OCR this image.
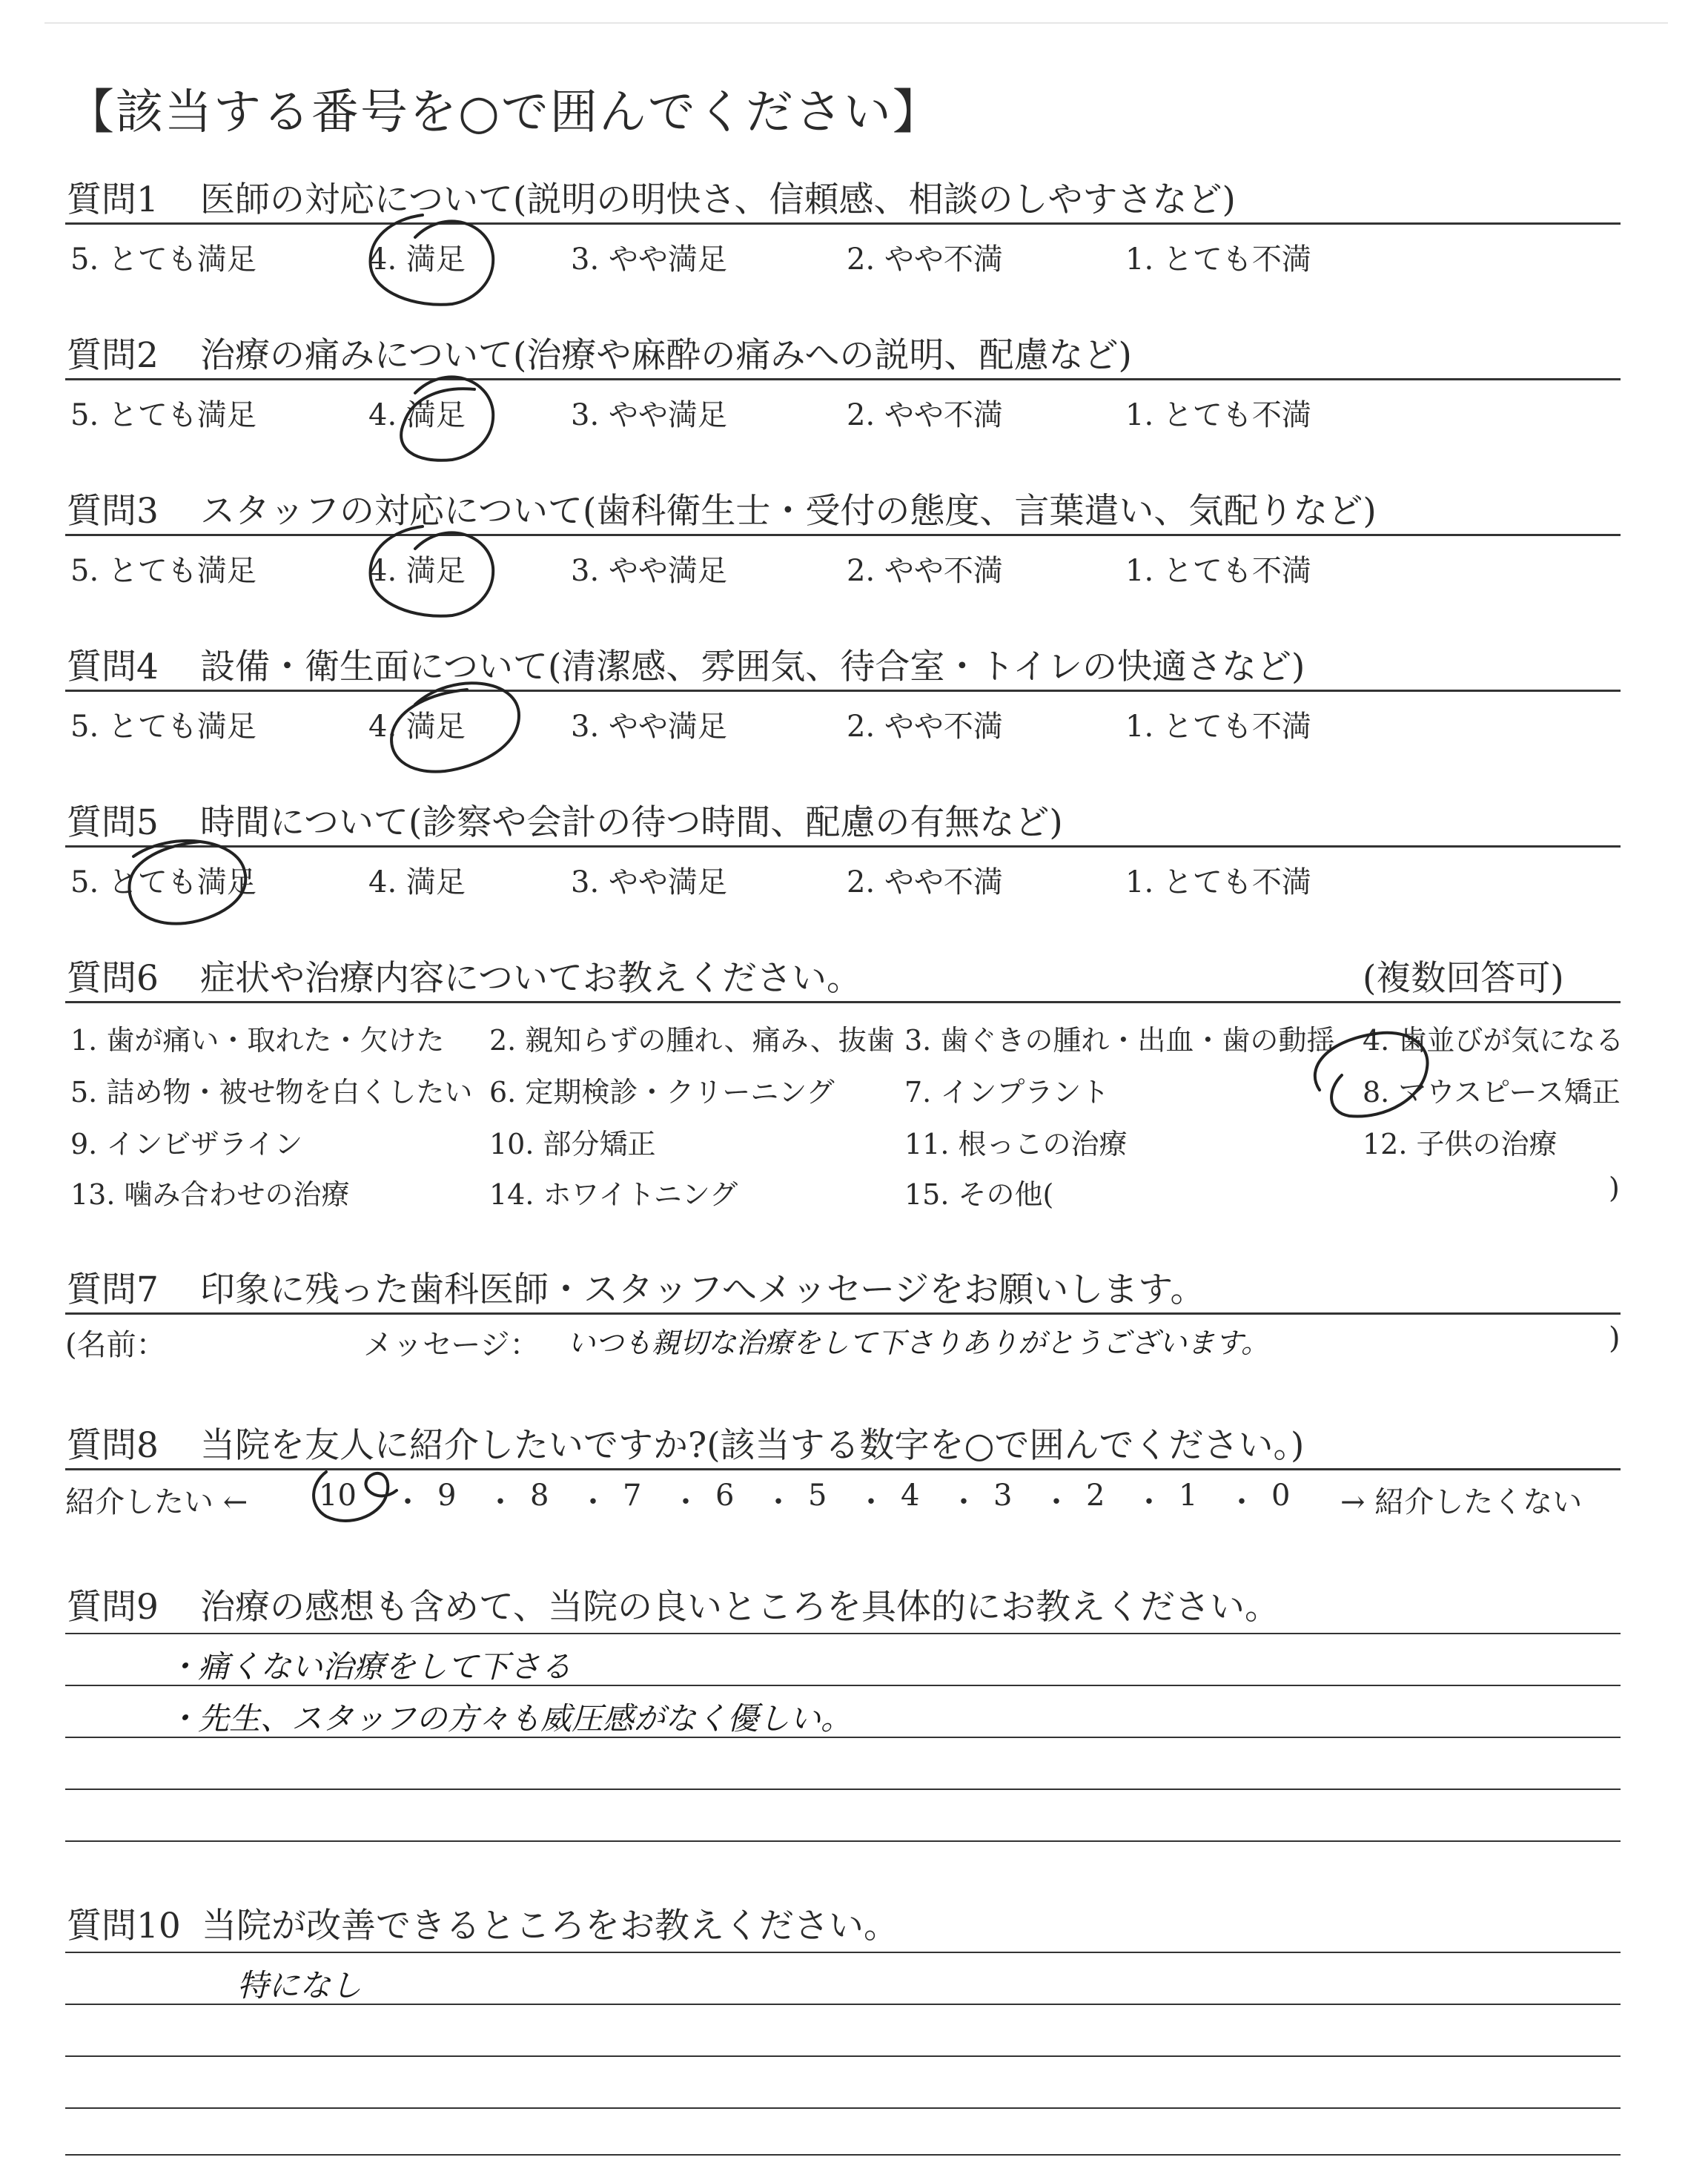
【該当する番号を○で囲んでください】
質問1 医師の対応について(説明の明快さ、信頼感、相談のしやすさなど)
5. とても満足	4. 満足	3. やや満足	2. やや不満	1. とても不満
質問2 治療の痛みについて(治療や麻酔の痛みへの説明、配慮など)
5. とても満足	4. 満足	3. やや満足	2. やや不満	1. とても不満
質問3 スタッフの対応について(歯科衛生士・受付の態度、言葉遣い、気配りなど)
5. とても満足	4. 満足	3. やや満足	2. やや不満	1. とても不満
質問4 設備・衛生面について(清潔感、雰囲気、待合室・トイレの快適さなど)
5. とても満足	4. 満足	3. やや満足	2. やや不満	1. とても不満
質問5 時間について(診察や会計の待つ時間、配慮の有無など)
5. とても満足	4. 満足	3. やや満足	2. やや不満	1. とても不満
質問6 症状や治療内容についてお教えください。	(複数回答可)
1. 歯が痛い・取れた・欠けた 2. 親知らずの腫れ、痛み、抜歯 3. 歯ぐきの腫れ・出血・歯の動揺 4. 歯並びが気になる
5. 詰め物・被せ物を白くしたい 6. 定期検診・クリーニング 7. インプラント	8. マウスピース矯正
9. インビザライン	10. 部分矯正	11. 根っこの治療	12. 子供の治療
13. 噛み合わせの治療	14. ホワイトニング	15. その他(	)
質問7 印象に残った歯科医師・スタッフへメッセージをお願いします。
(名前：	メッセージ： いつも親切な治療をして下さりありがとうございます。	)
質問8 当院を友人に紹介したいですか?(該当する数字を○で囲んでください。)
紹介したい ←	→ 紹介したくない
10 ・ 9 ・ 8 ・ 7 ・ 6 ・ 5 ・ 4 ・ 3 ・ 2 ・ 1 ・ 0
質問9 治療の感想も含めて、当院の良いところを具体的にお教えください。
・痛くない治療をして下さる
・先生、スタッフの方々も威圧感がなく優しい。
質問10 当院が改善できるところをお教えください。
特になし
